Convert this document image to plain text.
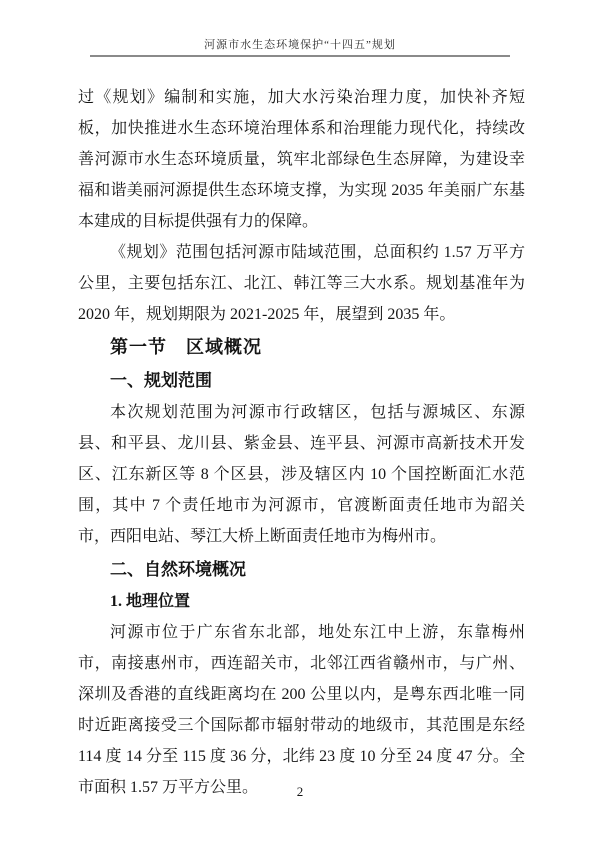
河源市水生态环境保护“十四五”规划

过《规划》编制和实施，加大水污染治理力度，加快补齐短板，加快推进水生态环境治理体系和治理能力现代化，持续改善河源市水生态环境质量，筑牢北部绿色生态屏障，为建设幸福和谐美丽河源提供生态环境支撑，为实现 2035 年美丽广东基本建成的目标提供强有力的保障。

《规划》范围包括河源市陆域范围，总面积约 1.57 万平方公里，主要包括东江、北江、韩江等三大水系。规划基准年为 2020 年，规划期限为 2021-2025 年，展望到 2035 年。

第一节　区域概况
一、规划范围

本次规划范围为河源市行政辖区，包括与源城区、东源县、和平县、龙川县、紫金县、连平县、河源市高新技术开发区、江东新区等 8 个区县，涉及辖区内 10 个国控断面汇水范围，其中 7 个责任地市为河源市，官渡断面责任地市为韶关市，西阳电站、琴江大桥上断面责任地市为梅州市。

二、自然环境概况
1. 地理位置

河源市位于广东省东北部，地处东江中上游，东靠梅州市，南接惠州市，西连韶关市，北邻江西省赣州市，与广州、深圳及香港的直线距离均在 200 公里以内，是粤东西北唯一同时近距离接受三个国际都市辐射带动的地级市，其范围是东经 114 度 14 分至 115 度 36 分，北纬 23 度 10 分至 24 度 47 分。全市面积 1.57 万平方公里。	2
